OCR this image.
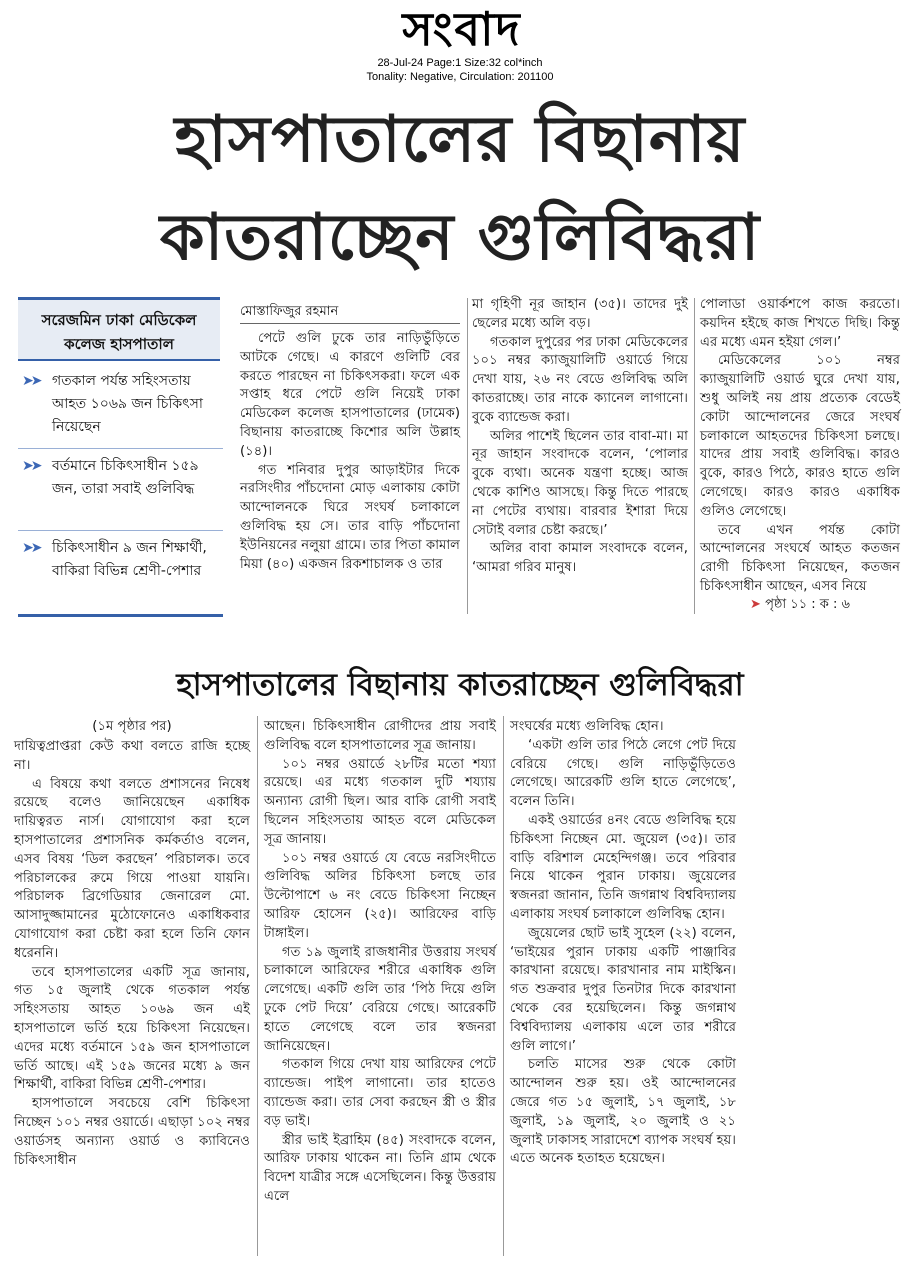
সংবাদ
28-Jul-24 Page:1 Size:32 col*inch
Tonality: Negative, Circulation: 201100
হাসপাতালের বিছানায়
কাতরাচ্ছেন গুলিবিদ্ধরা
সরেজমিন ঢাকা মেডিকেল
কলেজ হাসপাতাল
➤➤ গতকাল পর্যন্ত সহিংসতায় আহত ১০৬৯ জন চিকিৎসা নিয়েছেন
➤➤ বর্তমানে চিকিৎসাধীন ১৫৯ জন, তারা সবাই গুলিবিদ্ধ
➤➤ চিকিৎসাধীন ৯ জন শিক্ষার্থী, বাকিরা বিভিন্ন শ্রেণী-পেশার
মোস্তাফিজুর রহমান

পেটে গুলি ঢুকে তার নাড়িভুঁড়িতে আটকে গেছে। এ কারণে গুলিটি বের করতে পারছেন না চিকিৎসকরা। ফলে এক সপ্তাহ ধরে পেটে গুলি নিয়েই ঢাকা মেডিকেল কলেজ হাসপাতালের (ঢামেক) বিছানায় কাতরাচ্ছে কিশোর অলি উল্লাহ (১৪)।

গত শনিবার দুপুর আড়াইটার দিকে নরসিংদীর পাঁচদোনা মোড় এলাকায় কোটা আন্দোলনকে ঘিরে সংঘর্ষ চলাকালে গুলিবিদ্ধ হয় সে। তার বাড়ি পাঁচদোনা ইউনিয়নের নলুয়া গ্রামে। তার পিতা কামাল মিয়া (৪০) একজন রিকশাচালক ও তার

মা গৃহিণী নূর জাহান (৩৫)। তাদের দুই ছেলের মধ্যে অলি বড়।

গতকাল দুপুরের পর ঢাকা মেডিকেলের ১০১ নম্বর ক্যাজুয়ালিটি ওয়ার্ডে গিয়ে দেখা যায়, ২৬ নং বেডে গুলিবিদ্ধ অলি কাতরাচ্ছে। তার নাকে ক্যানেল লাগানো। বুকে ব্যান্ডেজ করা।

অলির পাশেই ছিলেন তার বাবা-মা। মা নূর জাহান সংবাদকে বলেন, ‘পোলার বুকে ব্যথা। অনেক যন্ত্রণা হচ্ছে। আজ থেকে কাশিও আসছে। কিন্তু দিতে পারছে না পেটের ব্যথায়। বারবার ইশারা দিয়ে সেটাই বলার চেষ্টা করছে।’

অলির বাবা কামাল সংবাদকে বলেন, ‘আমরা গরিব মানুষ।

পোলাডা ওয়ার্কশপে কাজ করতো। কয়দিন হইছে কাজ শিখতে দিছি। কিন্তু এর মধ্যে এমন হইয়া গেল।’

মেডিকেলের ১০১ নম্বর ক্যাজুয়ালিটি ওয়ার্ড ঘুরে দেখা যায়, শুধু অলিই নয় প্রায় প্রত্যেক বেডেই কোটা আন্দোলনের জেরে সংঘর্ষ চলাকালে আহতদের চিকিৎসা চলছে। যাদের প্রায় সবাই গুলিবিদ্ধ। কারও বুকে, কারও পিঠে, কারও হাতে গুলি লেগেছে। কারও কারও একাধিক গুলিও লেগেছে।

তবে এখন পর্যন্ত কোটা আন্দোলনের সংঘর্ষে আহত কতজন রোগী চিকিৎসা নিয়েছেন, কতজন চিকিৎসাধীন আছেন, এসব নিয়ে

➤ পৃষ্ঠা ১১ : ক : ৬
হাসপাতালের বিছানায় কাতরাচ্ছেন গুলিবিদ্ধরা
(১ম পৃষ্ঠার পর)

দায়িত্বপ্রাপ্তরা কেউ কথা বলতে রাজি হচ্ছে না।

এ বিষয়ে কথা বলতে প্রশাসনের নিষেধ রয়েছে বলেও জানিয়েছেন একাধিক দায়িত্বরত নার্স। যোগাযোগ করা হলে হাসপাতালের প্রশাসনিক কর্মকর্তাও বলেন, এসব বিষয় ‘ডিল করছেন’ পরিচালক। তবে পরিচালকের রুমে গিয়ে পাওয়া যায়নি। পরিচালক ব্রিগেডিয়ার জেনারেল মো. আসাদুজ্জামানের মুঠোফোনেও একাধিকবার যোগাযোগ করা চেষ্টা করা হলে তিনি ফোন ধরেননি।

তবে হাসপাতালের একটি সূত্র জানায়, গত ১৫ জুলাই থেকে গতকাল পর্যন্ত সহিংসতায় আহত ১০৬৯ জন এই হাসপাতালে ভর্তি হয়ে চিকিৎসা নিয়েছেন। এদের মধ্যে বর্তমানে ১৫৯ জন হাসপাতালে ভর্তি আছে। এই ১৫৯ জনের মধ্যে ৯ জন শিক্ষার্থী, বাকিরা বিভিন্ন শ্রেণী-পেশার।

হাসপাতালে সবচেয়ে বেশি চিকিৎসা নিচ্ছেন ১০১ নম্বর ওয়ার্ডে। এছাড়া ১০২ নম্বর ওয়ার্ডসহ অন্যান্য ওয়ার্ড ও ক্যাবিনেও চিকিৎসাধীন

আছেন। চিকিৎসাধীন রোগীদের প্রায় সবাই গুলিবিদ্ধ বলে হাসপাতালের সূত্র জানায়।

১০১ নম্বর ওয়ার্ডে ২৮টির মতো শয্যা রয়েছে। এর মধ্যে গতকাল দুটি শয্যায় অন্যান্য রোগী ছিল। আর বাকি রোগী সবাই ছিলেন সহিংসতায় আহত বলে মেডিকেল সূত্র জানায়।

১০১ নম্বর ওয়ার্ডে যে বেডে নরসিংদীতে গুলিবিদ্ধ অলির চিকিৎসা চলছে তার উল্টোপাশে ৬ নং বেডে চিকিৎসা নিচ্ছেন আরিফ হোসেন (২৫)। আরিফের বাড়ি টাঙ্গাইল।

গত ১৯ জুলাই রাজধানীর উত্তরায় সংঘর্ষ চলাকালে আরিফের শরীরে একাধিক গুলি লেগেছে। একটি গুলি তার ‘পিঠ দিয়ে গুলি ঢুকে পেট দিয়ে’ বেরিয়ে গেছে। আরেকটি হাতে লেগেছে বলে তার স্বজনরা জানিয়েছেন।

গতকাল গিয়ে দেখা যায় আরিফের পেটে ব্যান্ডেজ। পাইপ লাগানো। তার হাতেও ব্যান্ডেজ করা। তার সেবা করছেন স্ত্রী ও স্ত্রীর বড় ভাই।

স্ত্রীর ভাই ইব্রাহিম (৪৫) সংবাদকে বলেন, আরিফ ঢাকায় থাকেন না। তিনি গ্রাম থেকে বিদেশ যাত্রীর সঙ্গে এসেছিলেন। কিন্তু উত্তরায় এলে

সংঘর্ষের মধ্যে গুলিবিদ্ধ হোন।

‘একটা গুলি তার পিঠে লেগে পেট দিয়ে বেরিয়ে গেছে। গুলি নাড়িভুঁড়িতেও লেগেছে। আরেকটি গুলি হাতে লেগেছে’, বলেন তিনি।

একই ওয়ার্ডের ৪নং বেডে গুলিবিদ্ধ হয়ে চিকিৎসা নিচ্ছেন মো. জুয়েল (৩৫)। তার বাড়ি বরিশাল মেহেন্দিগঞ্জ। তবে পরিবার নিয়ে থাকেন পুরান ঢাকায়। জুয়েলের স্বজনরা জানান, তিনি জগন্নাথ বিশ্ববিদ্যালয় এলাকায় সংঘর্ষ চলাকালে গুলিবিদ্ধ হোন।

জুয়েলের ছোট ভাই সুহেল (২২) বলেন, ‘ভাইয়ের পুরান ঢাকায় একটি পাঞ্জাবির কারখানা রয়েছে। কারখানার নাম মাইস্কিন। গত শুক্রবার দুপুর তিনটার দিকে কারখানা থেকে বের হয়েছিলেন। কিন্তু জগন্নাথ বিশ্ববিদ্যালয় এলাকায় এলে তার শরীরে গুলি লাগে।’

চলতি মাসের শুরু থেকে কোটা আন্দোলন শুরু হয়। ওই আন্দোলনের জেরে গত ১৫ জুলাই, ১৭ জুলাই, ১৮ জুলাই, ১৯ জুলাই, ২০ জুলাই ও ২১ জুলাই ঢাকাসহ সারাদেশে ব্যাপক সংঘর্ষ হয়। এতে অনেক হতাহত হয়েছেন।
